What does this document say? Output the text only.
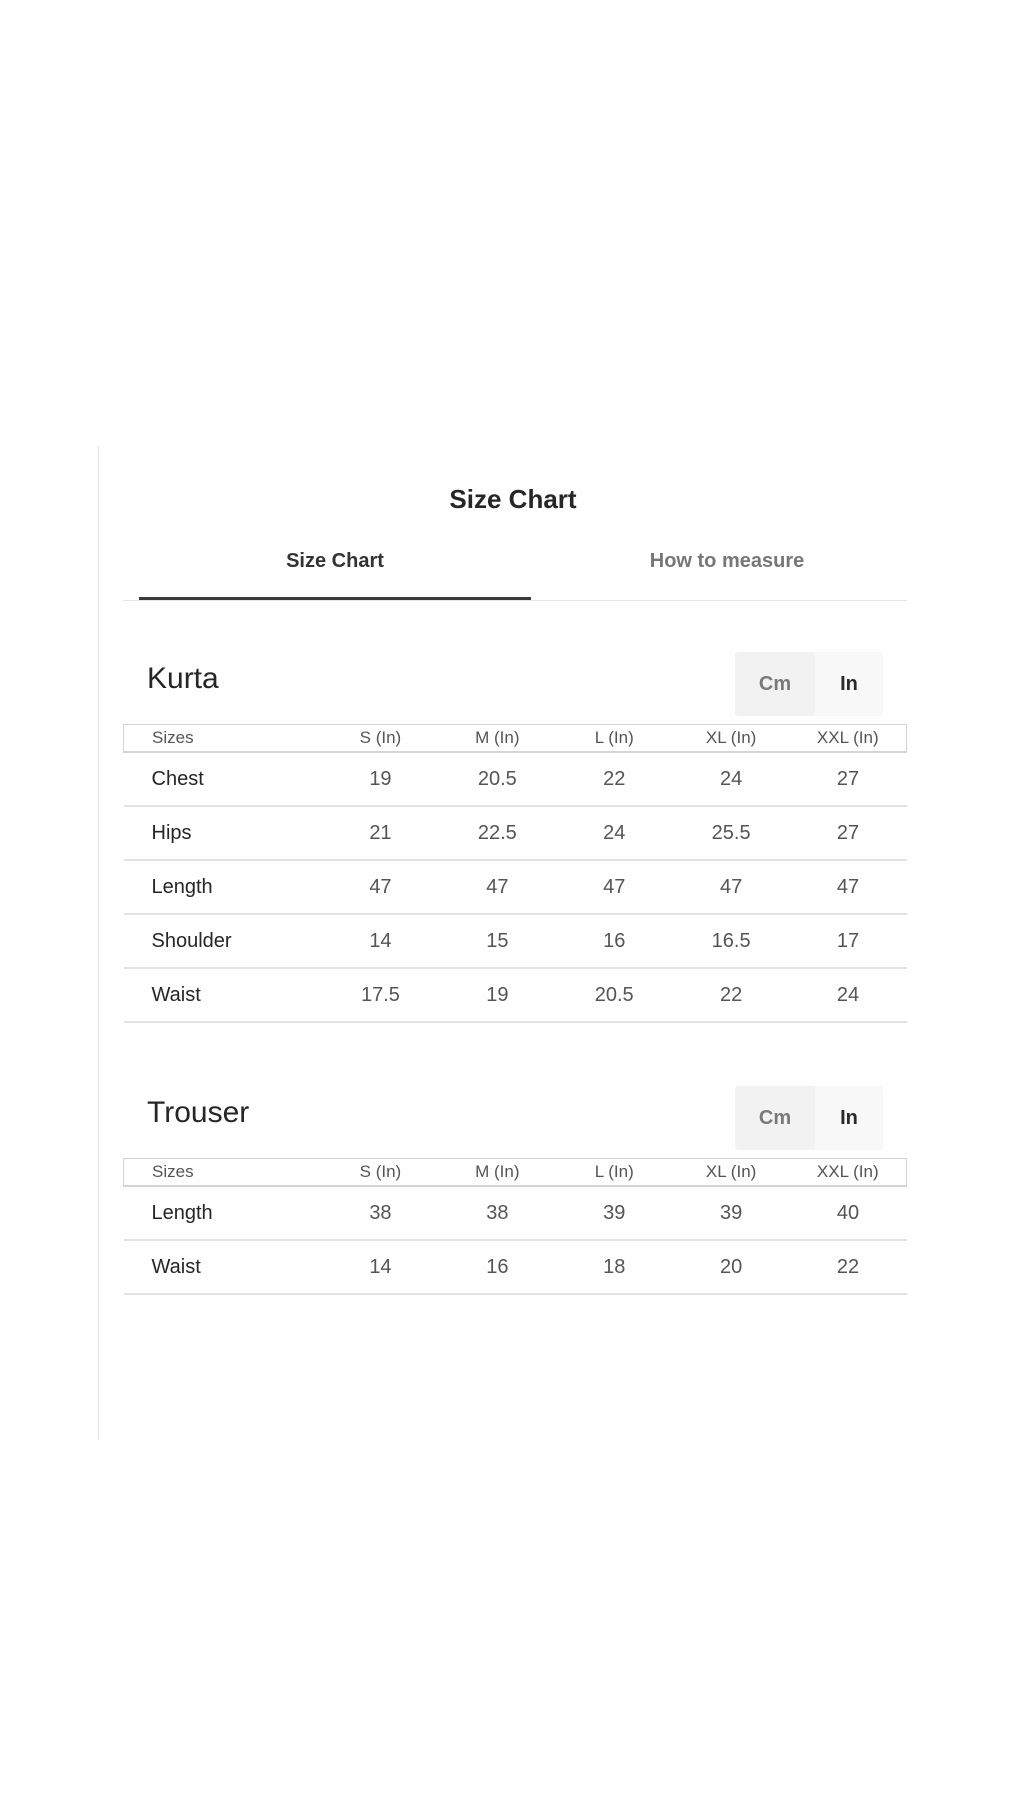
Size Chart
Size Chart	How to measure
Kurta	Cm	In
Sizes	S (In)	M (In)	L (In)	XL (In)	XXL (In)
Chest	19	20.5	22	24	27
Hips	21	22.5	24	25.5	27
Length	47	47	47	47	47
Shoulder	14	15	16	16.5	17
Waist	17.5	19	20.5	22	24
Trouser	Cm	In
Sizes	S (In)	M (In)	L (In)	XL (In)	XXL (In)
Length	38	38	39	39	40
Waist	14	16	18	20	22
